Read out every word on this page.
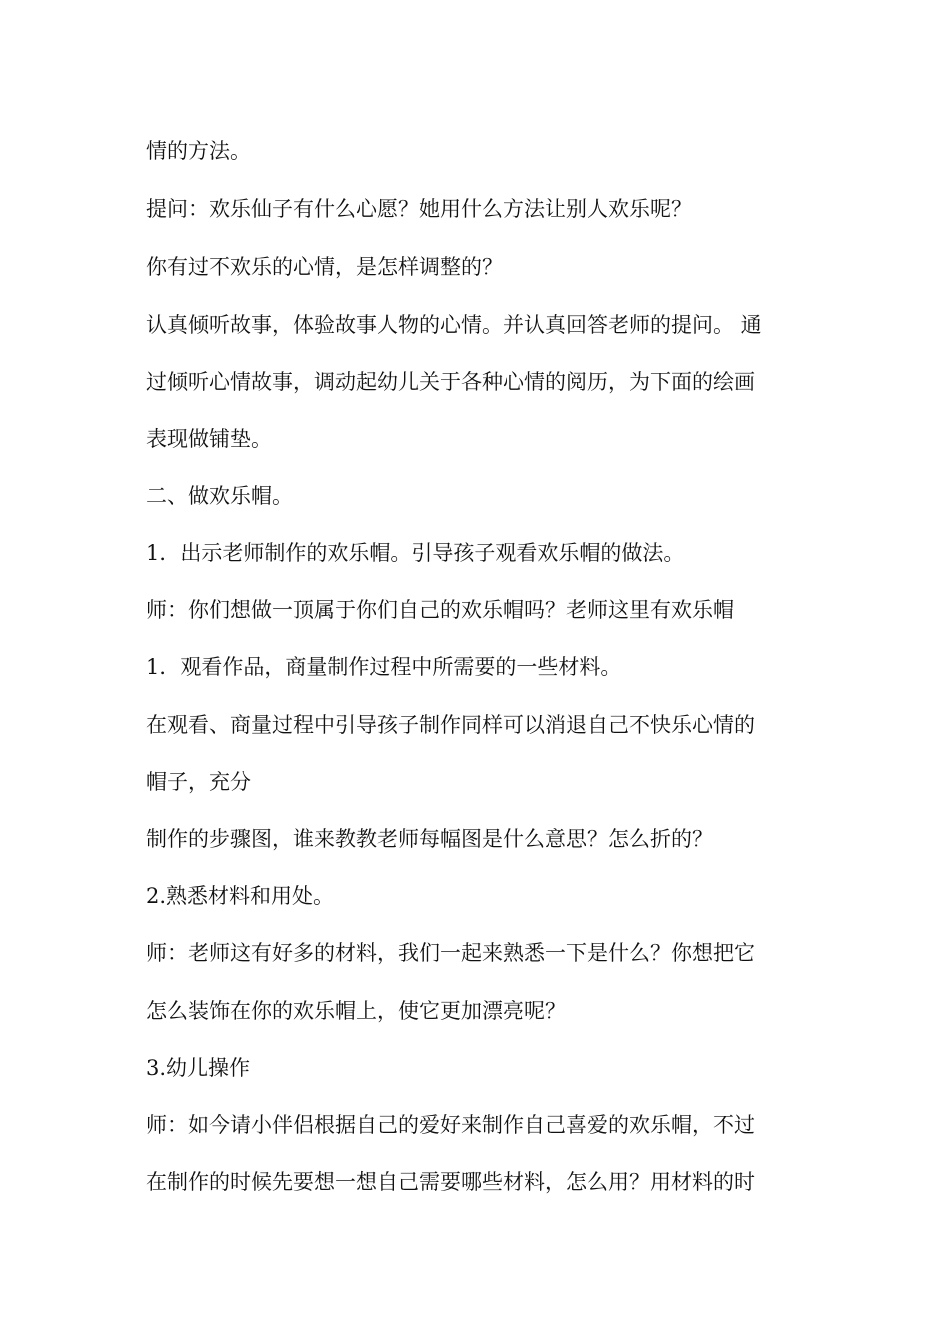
情的方法。

提问：欢乐仙子有什么心愿？她用什么方法让别人欢乐呢？

你有过不欢乐的心情，是怎样调整的？

认真倾听故事，体验故事人物的心情。并认真回答老师的提问。 通

过倾听心情故事，调动起幼儿关于各种心情的阅历，为下面的绘画

表现做铺垫。

二、做欢乐帽。

1．出示老师制作的欢乐帽。引导孩子观看欢乐帽的做法。

师：你们想做一顶属于你们自己的欢乐帽吗？老师这里有欢乐帽

1．观看作品，商量制作过程中所需要的一些材料。

在观看、商量过程中引导孩子制作同样可以消退自己不快乐心情的

帽子，充分

制作的步骤图，谁来教教老师每幅图是什么意思？怎么折的？

2.熟悉材料和用处。

师：老师这有好多的材料，我们一起来熟悉一下是什么？你想把它

怎么装饰在你的欢乐帽上，使它更加漂亮呢？

3.幼儿操作

师：如今请小伴侣根据自己的爱好来制作自己喜爱的欢乐帽，不过

在制作的时候先要想一想自己需要哪些材料，怎么用？用材料的时
